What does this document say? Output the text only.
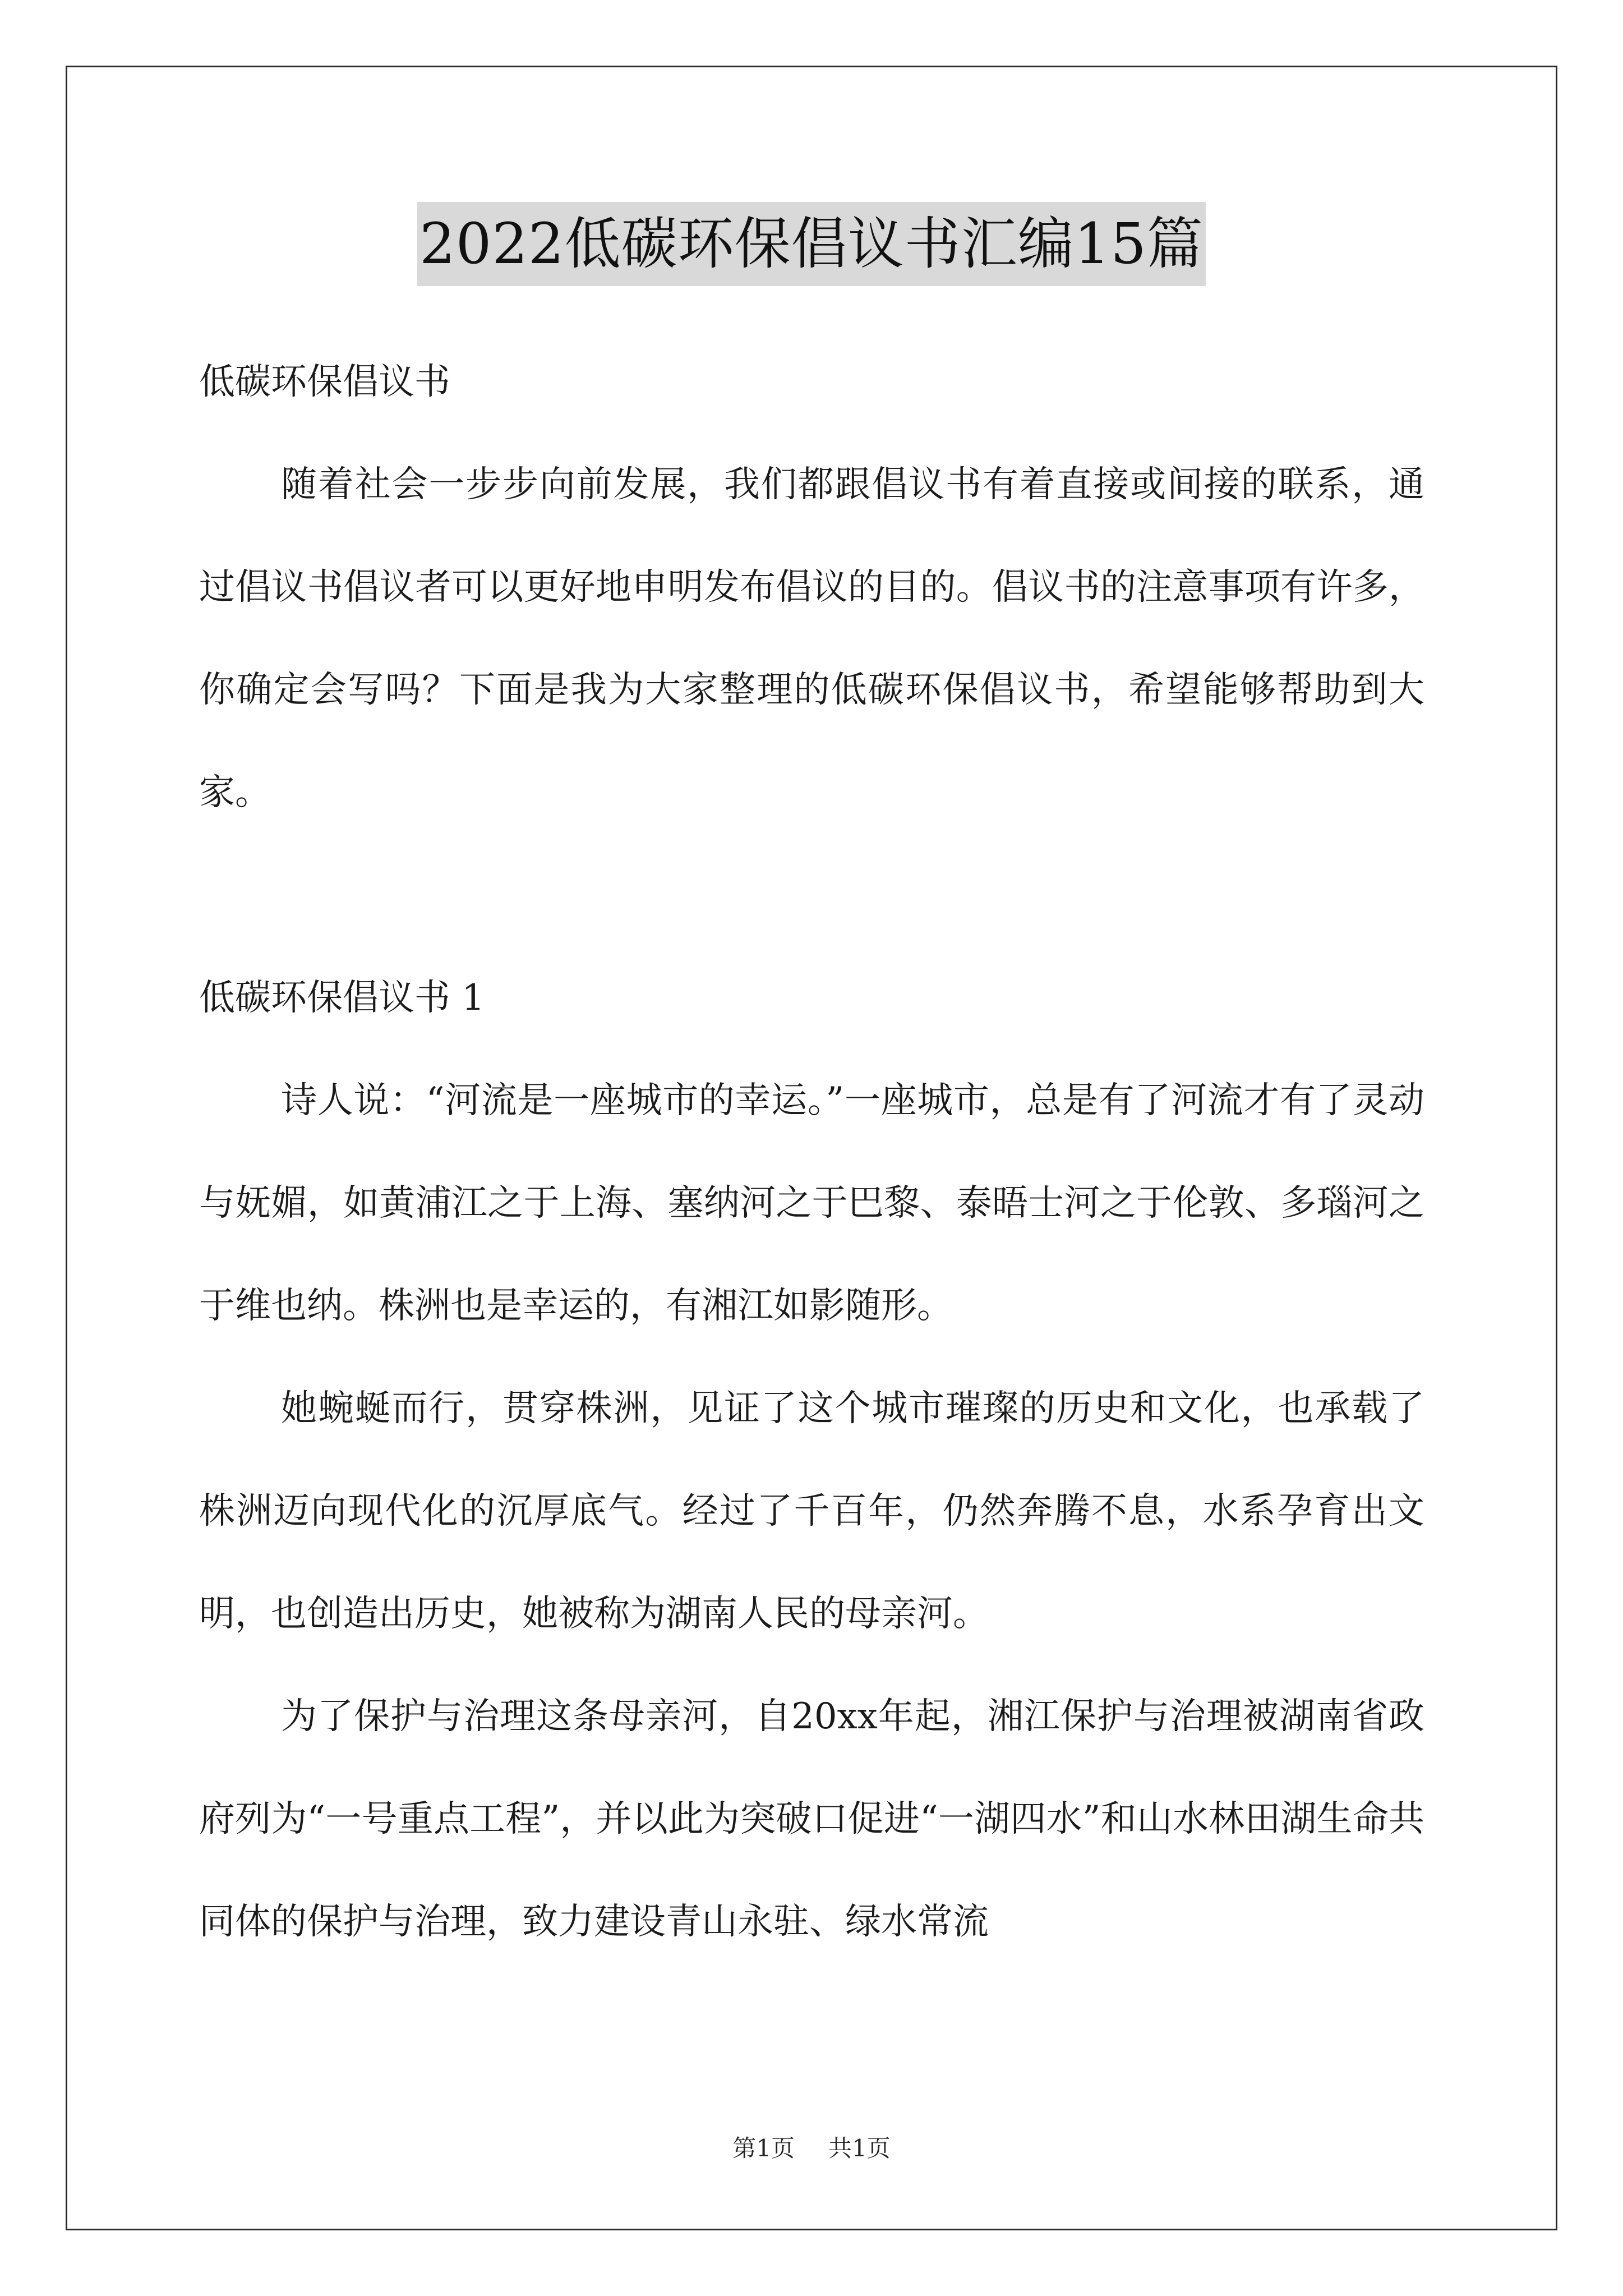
2022低碳环保倡议书汇编15篇

低碳环保倡议书

随着社会一步步向前发展，我们都跟倡议书有着直接或间接的联系，通过倡议书倡议者可以更好地申明发布倡议的目的。倡议书的注意事项有许多，你确定会写吗？下面是我为大家整理的低碳环保倡议书，希望能够帮助到大家。

低碳环保倡议书 1

诗人说：“河流是一座城市的幸运。”一座城市，总是有了河流才有了灵动与妩媚，如黄浦江之于上海、塞纳河之于巴黎、泰晤士河之于伦敦、多瑙河之于维也纳。株洲也是幸运的，有湘江如影随形。

她蜿蜒而行，贯穿株洲，见证了这个城市璀璨的历史和文化，也承载了株洲迈向现代化的沉厚底气。经过了千百年，仍然奔腾不息，水系孕育出文明，也创造出历史，她被称为湖南人民的母亲河。

为了保护与治理这条母亲河，自20xx年起，湘江保护与治理被湖南省政府列为“一号重点工程”，并以此为突破口促进“一湖四水”和山水林田湖生命共同体的保护与治理，致力建设青山永驻、绿水常流

第1页 共1页
